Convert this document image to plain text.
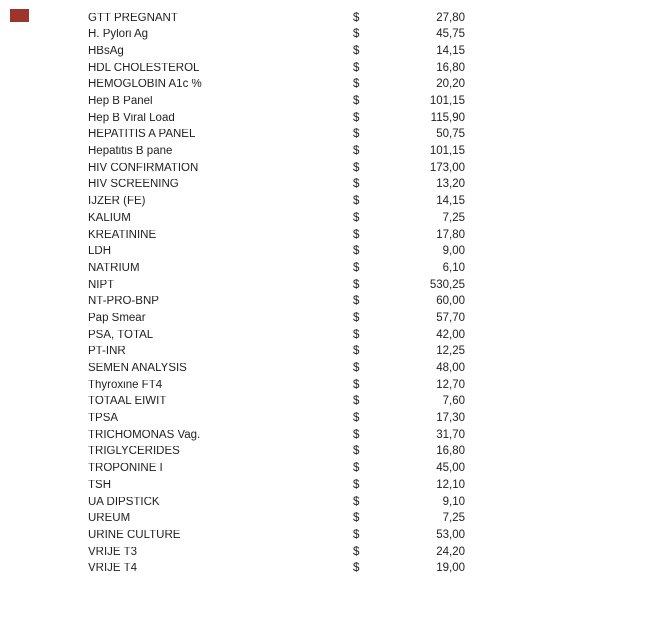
GTT PREGNANT	$	27,80
H. Pylori Ag	$	45,75
HBsAg	$	14,15
HDL CHOLESTEROL	$	16,80
HEMOGLOBIN A1c %	$	20,20
Hep B Panel	$	101,15
Hep B Viral Load	$	115,90
HEPATITIS A PANEL	$	50,75
Hepatitis B pane	$	101,15
HIV CONFIRMATION	$	173,00
HIV SCREENING	$	13,20
IJZER (FE)	$	14,15
KALIUM	$	7,25
KREATININE	$	17,80
LDH	$	9,00
NATRIUM	$	6,10
NIPT	$	530,25
NT-PRO-BNP	$	60,00
Pap Smear	$	57,70
PSA, TOTAL	$	42,00
PT-INR	$	12,25
SEMEN ANALYSIS	$	48,00
Thyroxine FT4	$	12,70
TOTAAL EIWIT	$	7,60
TPSA	$	17,30
TRICHOMONAS Vag.	$	31,70
TRIGLYCERIDES	$	16,80
TROPONINE I	$	45,00
TSH	$	12,10
UA DIPSTICK	$	9,10
UREUM	$	7,25
URINE CULTURE	$	53,00
VRIJE T3	$	24,20
VRIJE T4	$	19,00
